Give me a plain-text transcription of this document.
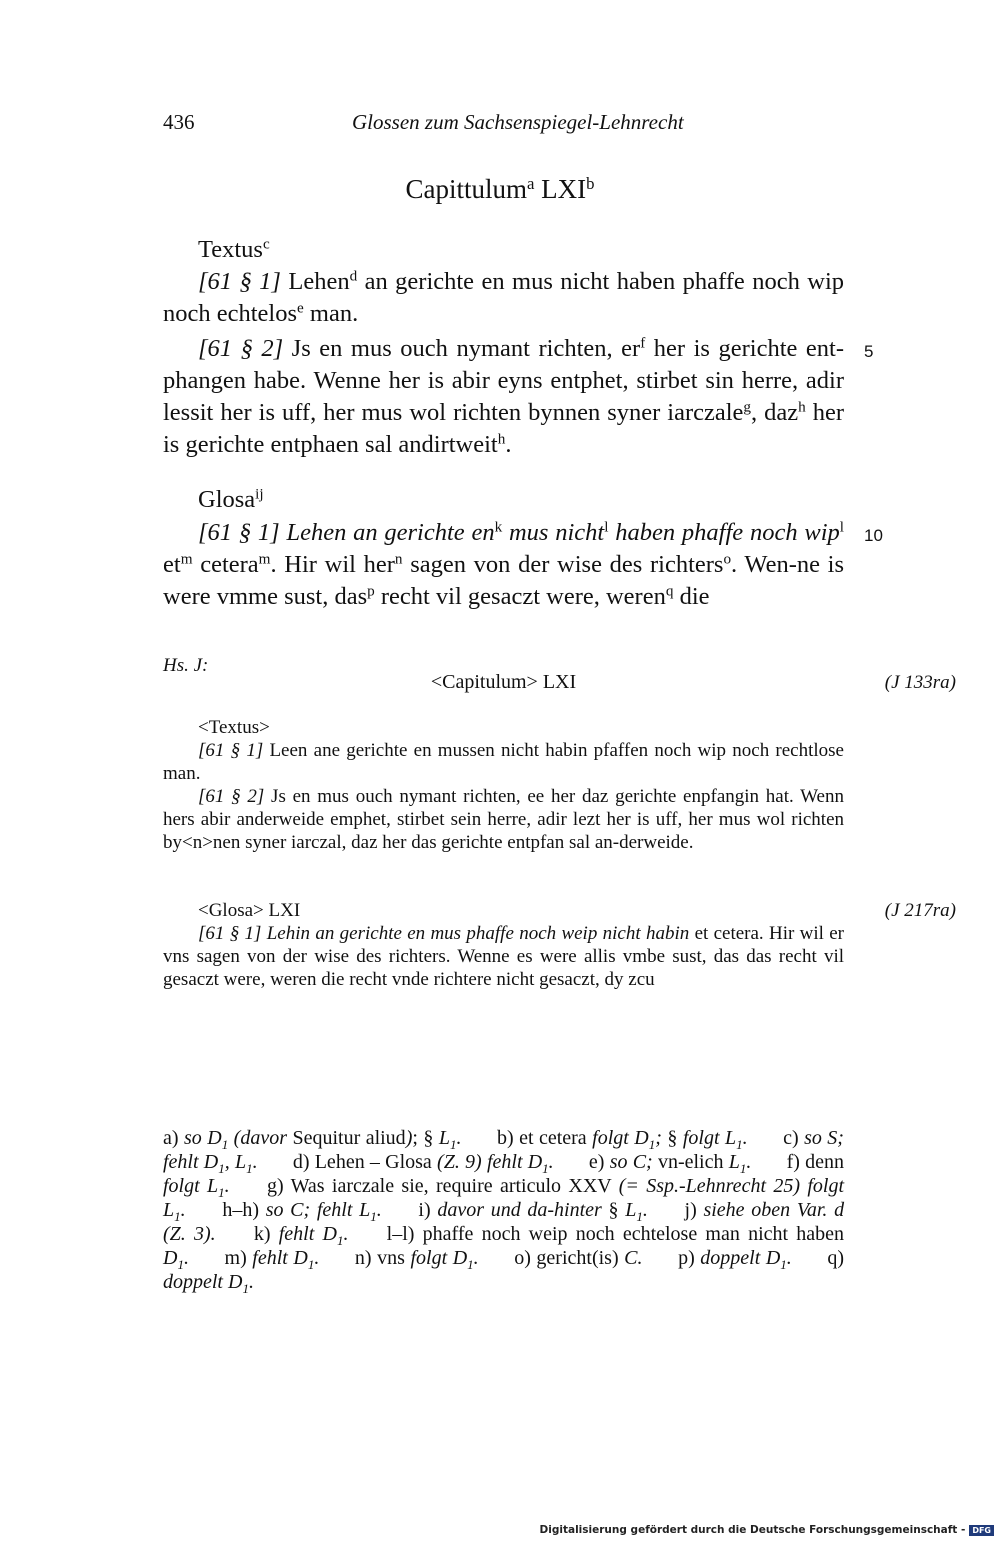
436	Glossen zum Sachsenspiegel-Lehnrecht
Capittulum$^a$ LXI$^b$

Textus$^c$

[61 § 1] Lehen$^d$ an gerichte en mus nicht haben phaffe noch wip noch echtelos$^e$ man.

[61 § 2] Js en mus ouch nymant richten, $er^f$ her is gerichte ent-phangen habe. Wenne her is abir eyns entphet, stirbet sin herre, adir lessit her is uff, her mus wol richten bynnen syner iarczale$^g$, daz$^h$ her is gerichte entphaen sal andirtweit$^h$.

Glosa$^{ij}$

[61 § 1] Lehen an gerichte $en^k$ mus nicht$^l$ haben phaffe noch wip$^l$ $et^m$ cetera$^m$. Hir wil her$^n$ sagen von der wise des richters$^o$. Wen-ne is were vmme sust, das$^p$ recht vil gesaczt were, weren$^q$ die

5
10
Hs. J:
<Capitulum> LXI	(J 133ra)

<Textus>

[61 § 1] Leen ane gerichte en mussen nicht habin pfaffen noch wip noch rechtlose man.

[61 § 2] Js en mus ouch nymant richten, ee her daz gerichte enpfangin hat. Wenn hers abir anderweide emphet, stirbet sein herre, adir lezt her is uff, her mus wol richten by<n>nen syner iarczal, daz her das gerichte entpfan sal an-derweide.

<Glosa> LXI

[61 § 1] Lehin an gerichte en mus phaffe noch weip nicht habin et cetera. Hir wil er vns sagen von der wise des richters. Wenne es were allis vmbe sust, das das recht vil gesaczt were, weren die recht vnde richtere nicht gesaczt, dy zcu

(J 217ra)

a) so $D_1$ (davor Sequitur aliud); § $L_1$.   b) et cetera folgt $D_1$; § folgt $L_1$.   c) so S; fehlt $D_1$, $L_1$.   d) Lehen – Glosa (Z. 9) fehlt $D_1$.   e) so C; vn-elich $L_1$.   f) denn folgt $L_1$.   g) Was iarczale sie, require articulo XXV (= Ssp.-Lehnrecht 25) folgt $L_1$.   h–h) so C; fehlt $L_1$.   i) davor und da-hinter § $L_1$.   j) siehe oben Var. d (Z. 3).   k) fehlt $D_1$.   l–l) phaffe noch weip noch echtelose man nicht haben $D_1$.   m) fehlt $D_1$.   n) vns folgt $D_1$.   o) gericht(is) C.   p) doppelt $D_1$.   q) doppelt $D_1$.

Digitalisierung gefördert durch die Deutsche Forschungsgemeinschaft - DFG
